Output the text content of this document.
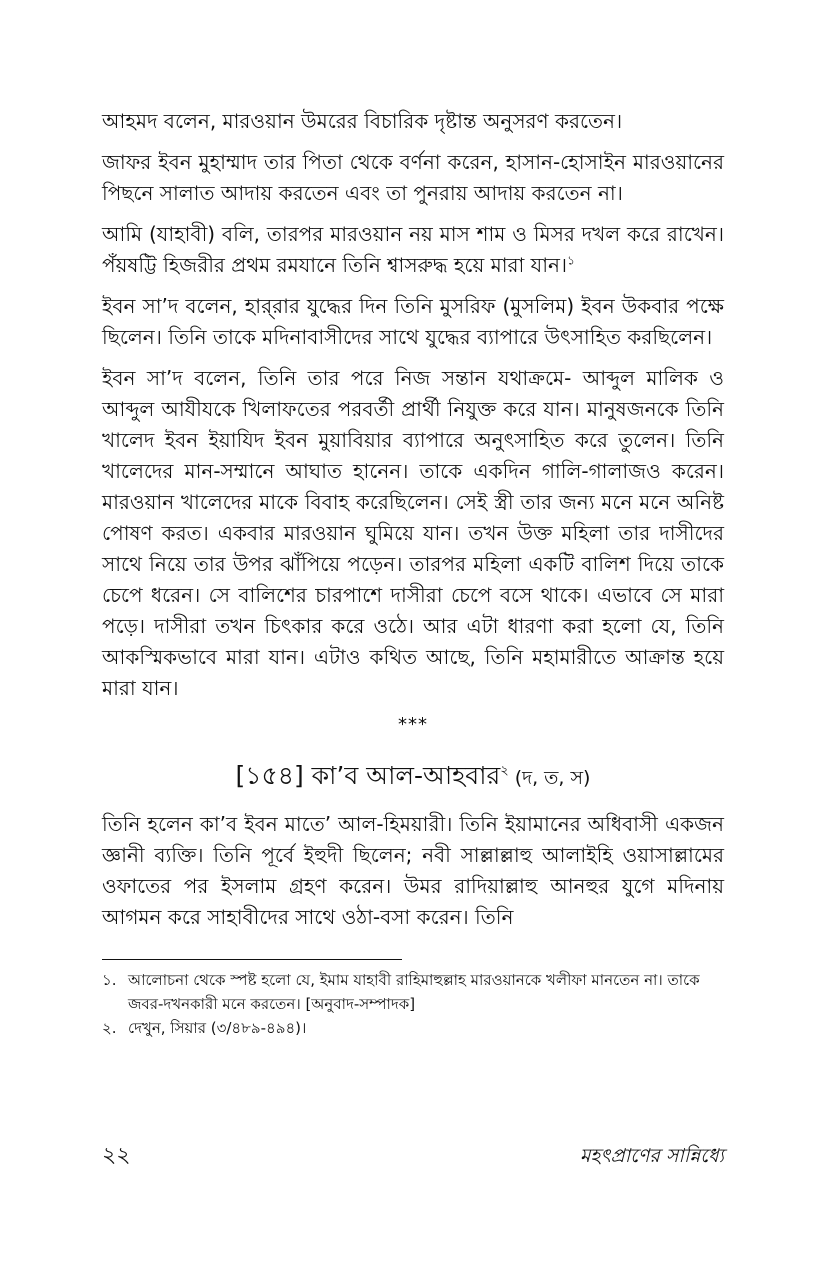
আহমদ বলেন, মারওয়ান উমরের বিচারিক দৃষ্টান্ত অনুসরণ করতেন।

জাফর ইবন মুহাম্মাদ তার পিতা থেকে বর্ণনা করেন, হাসান-হোসাইন মারওয়ানের পিছনে সালাত আদায় করতেন এবং তা পুনরায় আদায় করতেন না।

আমি (যাহাবী) বলি, তারপর মারওয়ান নয় মাস শাম ও মিসর দখল করে রাখেন। পঁয়ষট্টি হিজরীর প্রথম রমযানে তিনি শ্বাসরুদ্ধ হয়ে মারা যান।$^১$

ইবন সা’দ বলেন, হার্‌রার যুদ্ধের দিন তিনি মুসরিফ (মুসলিম) ইবন উকবার পক্ষে ছিলেন। তিনি তাকে মদিনাবাসীদের সাথে যুদ্ধের ব্যাপারে উৎসাহিত করছিলেন।

ইবন সা’দ বলেন, তিনি তার পরে নিজ সন্তান যথাক্রমে- আব্দুল মালিক ও আব্দুল আযীযকে খিলাফতের পরবর্তী প্রার্থী নিযুক্ত করে যান। মানুষজনকে তিনি খালেদ ইবন ইয়াযিদ ইবন মুয়াবিয়ার ব্যাপারে অনুৎসাহিত করে তুলেন। তিনি খালেদের মান-সম্মানে আঘাত হানেন। তাকে একদিন গালি-গালাজও করেন। মারওয়ান খালেদের মাকে বিবাহ করেছিলেন। সেই স্ত্রী তার জন্য মনে মনে অনিষ্ট পোষণ করত। একবার মারওয়ান ঘুমিয়ে যান। তখন উক্ত মহিলা তার দাসীদের সাথে নিয়ে তার উপর ঝাঁপিয়ে পড়েন। তারপর মহিলা একটি বালিশ দিয়ে তাকে চেপে ধরেন। সে বালিশের চারপাশে দাসীরা চেপে বসে থাকে। এভাবে সে মারা পড়ে। দাসীরা তখন চিৎকার করে ওঠে। আর এটা ধারণা করা হলো যে, তিনি আকস্মিকভাবে মারা যান। এটাও কথিত আছে, তিনি মহামারীতে আক্রান্ত হয়ে মারা যান।

***
[১৫৪] কা’ব আল-আহবার$^২$ (দ, ত, স)

তিনি হলেন কা’ব ইবন মাতে’ আল-হিময়ারী। তিনি ইয়ামানের অধিবাসী একজন জ্ঞানী ব্যক্তি। তিনি পূর্বে ইহুদী ছিলেন; নবী সাল্লাল্লাহু আলাইহি ওয়াসাল্লামের ওফাতের পর ইসলাম গ্রহণ করেন। উমর রাদিয়াল্লাহু আনহুর যুগে মদিনায় আগমন করে সাহাবীদের সাথে ওঠা-বসা করেন। তিনি

১. আলোচনা থেকে স্পষ্ট হলো যে, ইমাম যাহাবী রাহিমাহুল্লাহ মারওয়ানকে খলীফা মানতেন না। তাকে জবর-দখনকারী মনে করতেন। [অনুবাদ-সম্পাদক]
২. দেখুন, সিয়ার (৩/৪৮৯-৪৯৪)।
২২	মহৎপ্রাণের সান্নিধ্যে
